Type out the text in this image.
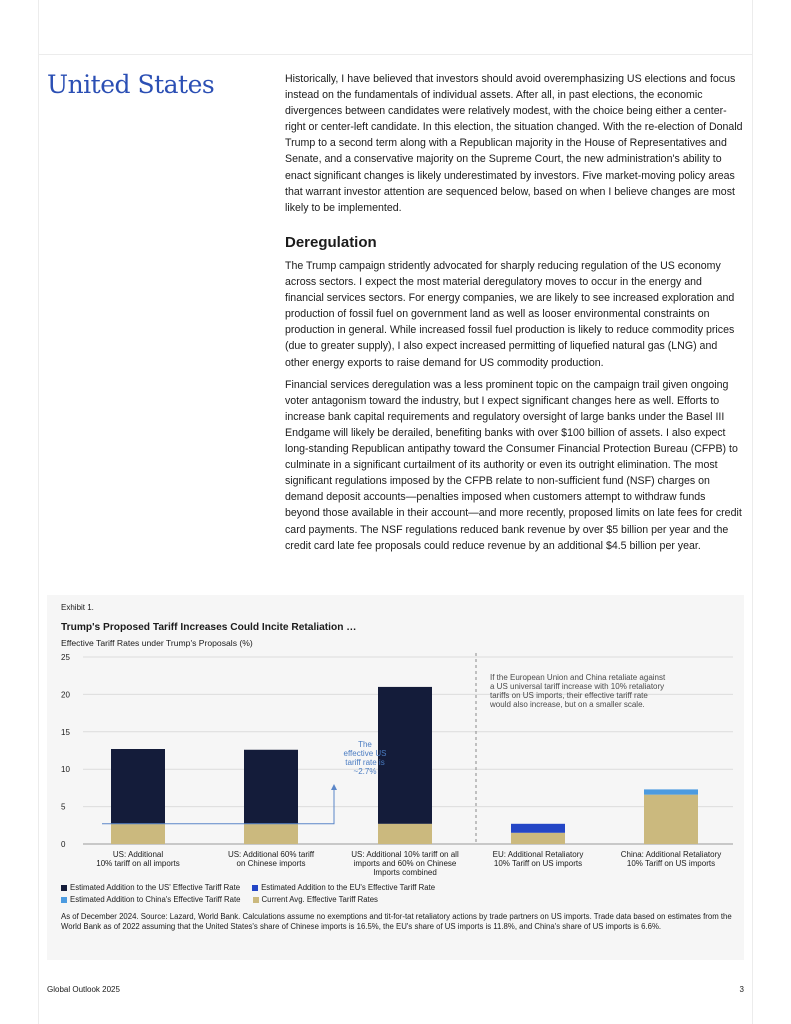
United States	Historically, I have believed that investors should avoid overemphasizing US elections and focus instead on the fundamentals of individual assets. After all, in past elections, the economic divergences between candidates were relatively modest, with the choice being either a center-right or center-left candidate. In this election, the situation changed. With the re-election of Donald Trump to a second term along with a Republican majority in the House of Representatives and Senate, and a conservative majority on the Supreme Court, the new administration's ability to enact significant changes is likely underestimated by investors. Five market-moving policy areas that warrant investor attention are sequenced below, based on when I believe changes are most likely to be implemented.

Deregulation

The Trump campaign stridently advocated for sharply reducing regulation of the US economy across sectors. I expect the most material deregulatory moves to occur in the energy and financial services sectors. For energy companies, we are likely to see increased exploration and production of fossil fuel on government land as well as looser environmental constraints on production in general. While increased fossil fuel production is likely to reduce commodity prices (due to greater supply), I also expect increased permitting of liquefied natural gas (LNG) and other energy exports to raise demand for US commodity production.

Financial services deregulation was a less prominent topic on the campaign trail given ongoing voter antagonism toward the industry, but I expect significant changes here as well. Efforts to increase bank capital requirements and regulatory oversight of large banks under the Basel III Endgame will likely be derailed, benefiting banks with over $100 billion of assets. I also expect long-standing Republican antipathy toward the Consumer Financial Protection Bureau (CFPB) to culminate in a significant curtailment of its authority or even its outright elimination. The most significant regulations imposed by the CFPB relate to non-sufficient fund (NSF) charges on demand deposit accounts—penalties imposed when customers attempt to withdraw funds beyond those available in their account—and more recently, proposed limits on late fees for credit card payments. The NSF regulations reduced bank revenue by over $5 billion per year and the credit card late fee proposals could reduce revenue by an additional $4.5 billion per year.

Exhibit 1.
Trump's Proposed Tariff Increases Could Incite Retaliation …
Effective Tariff Rates under Trump's Proposals (%)
0
5
10
15
20
25
US: Additional
10% tariff on all imports
US: Additional 60% tariff
on Chinese imports
US: Additional 10% tariff on all
imports and 60% on Chinese
Imports combined
EU: Additional Retaliatory
10% Tariff on US imports
China: Additional Retaliatory
10% Tariff on US imports
The
effective US
tariff rate is
~2.7%
If the European Union and China retaliate against
a US universal tariff increase with 10% retaliatory
tariffs on US imports, their effective tariff rate
would also increase, but on a smaller scale.
Estimated Addition to the US' Effective Tariff Rate	Estimated Addition to the EU's Effective Tariff Rate
Estimated Addition to China's Effective Tariff Rate	Current Avg. Effective Tariff Rates
As of December 2024. Source: Lazard, World Bank. Calculations assume no exemptions and tit-for-tat retaliatory actions by trade partners on US imports. Trade data based on estimates from the World Bank as of 2022 assuming that the United States's share of Chinese imports is 16.5%, the EU's share of US imports is 11.8%, and China's share of US imports is 6.6%.
Global Outlook 2025	3
